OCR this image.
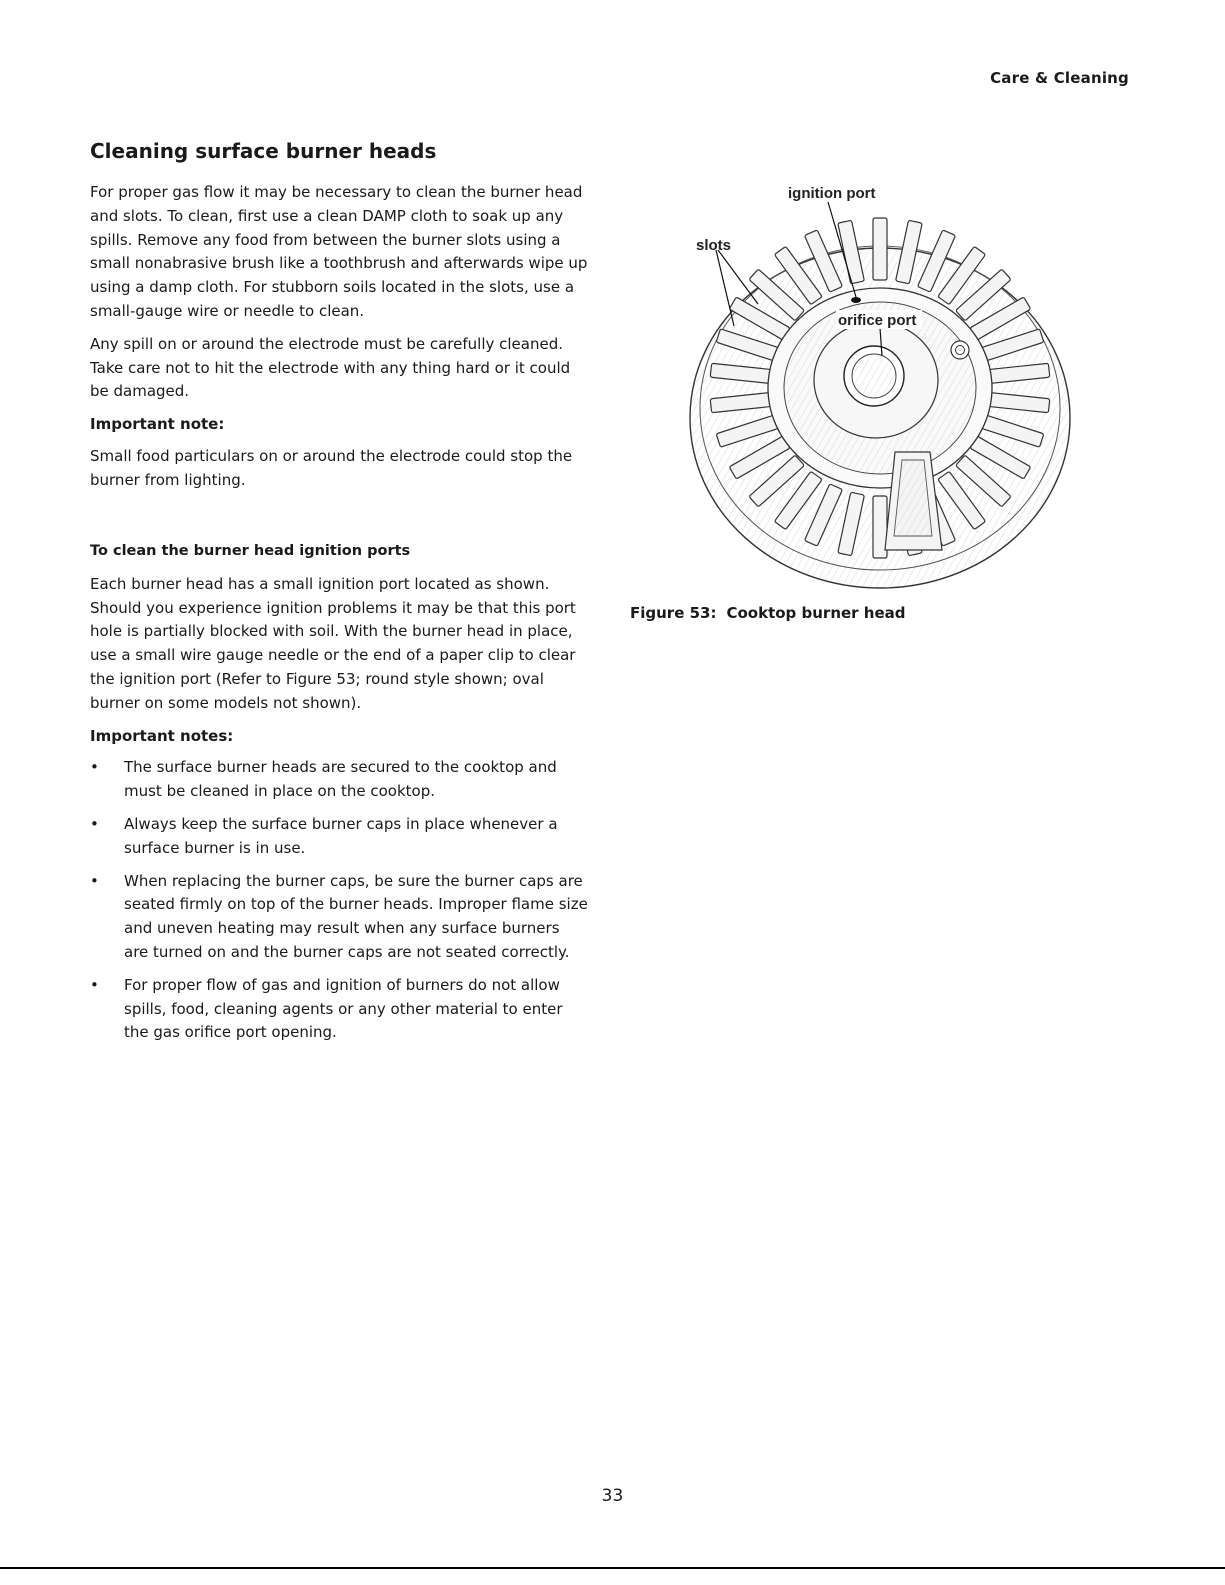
Care & Cleaning
Cleaning surface burner heads

For proper gas flow it may be necessary to clean the burner head and slots. To clean, first use a clean DAMP cloth to soak up any spills. Remove any food from between the burner slots using a small nonabrasive brush like a toothbrush and afterwards wipe up using a damp cloth. For stubborn soils located in the slots, use a small-gauge wire or needle to clean.

Any spill on or around the electrode must be carefully cleaned. Take care not to hit the electrode with any thing hard or it could be damaged.

Important note:

Small food particulars on or around the electrode could stop the burner from lighting.

To clean the burner head ignition ports

Each burner head has a small ignition port located as shown. Should you experience ignition problems it may be that this port hole is partially blocked with soil. With the burner head in place, use a small wire gauge needle or the end of a paper clip to clear the ignition port (Refer to Figure 53; round style shown; oval burner on some models not shown).

Important notes:

• The surface burner heads are secured to the cooktop and must be cleaned in place on the cooktop.
• Always keep the surface burner caps in place whenever a surface burner is in use.
• When replacing the burner caps, be sure the burner caps are seated firmly on top of the burner heads. Improper flame size and uneven heating may result when any surface burners are turned on and the burner caps are not seated correctly.
• For proper flow of gas and ignition of burners do not allow spills, food, cleaning agents or any other material to enter the gas orifice port opening.
ignition port
slots
orifice port
Figure 53: Cooktop burner head
33
